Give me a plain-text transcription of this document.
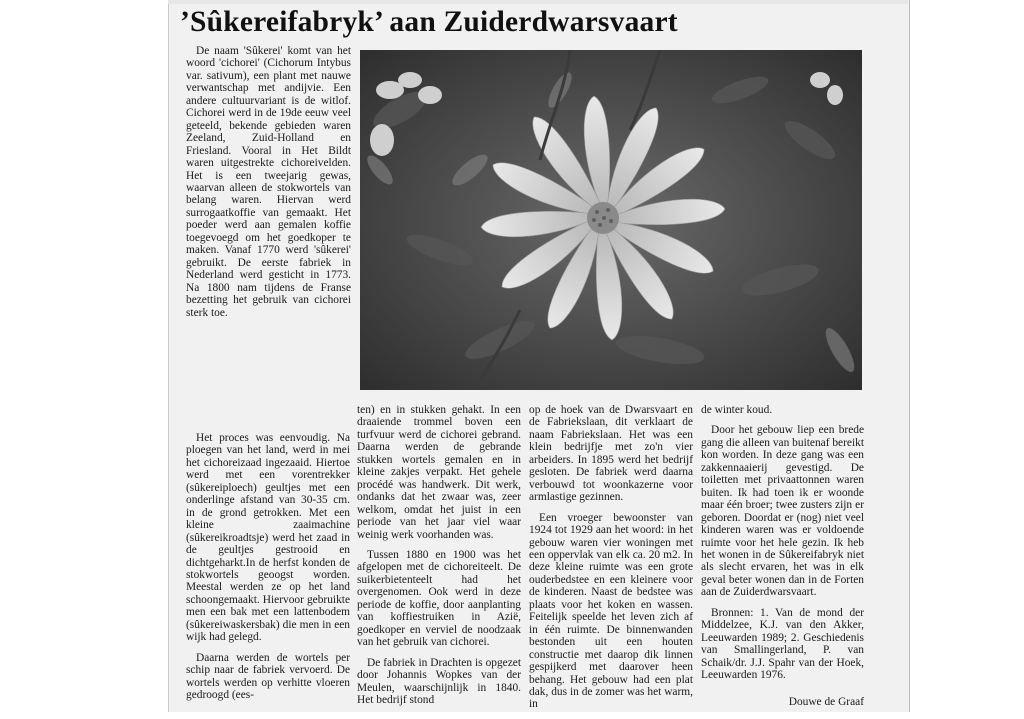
’Sûkereifabryk’ aan Zuiderdwarsvaart

De naam 'Sûkerei' komt van het woord 'cichorei' (Cichorum Intybus var. sativum), een plant met nauwe verwantschap met andijvie. Een andere cultuurvariant is de witlof. Cichorei werd in de 19de eeuw veel geteeld, bekende gebieden waren Zeeland, Zuid-Holland en Friesland. Vooral in Het Bildt waren uitgestrekte cichoreivelden. Het is een tweejarig gewas, waarvan alleen de stokwortels van belang waren. Hiervan werd surrogaatkoffie van gemaakt. Het poeder werd aan gemalen koffie toegevoegd om het goedkoper te maken. Vanaf 1770 werd 'sûkerei' gebruikt. De eerste fabriek in Nederland werd gesticht in 1773. Na 1800 nam tijdens de Franse bezetting het gebruik van cichorei sterk toe.

Het proces was eenvoudig. Na ploegen van het land, werd in mei het cichoreizaad ingezaaid. Hiertoe werd met een vorentrekker (sûkereiploech) geultjes met een onderlinge afstand van 30-35 cm. in de grond getrokken. Met een kleine zaaimachine (sûkereikroadtsje) werd het zaad in de geultjes gestrooid en dichtgeharkt.In de herfst konden de stokwortels geoogst worden. Meestal werden ze op het land schoongemaakt. Hiervoor gebruikte men een bak met een lattenbodem (sûkereiwaskersbak) die men in een wijk had gelegd.

Daarna werden de wortels per schip naar de fabriek vervoerd. De wortels werden op verhitte vloeren gedroogd (ees-

ten) en in stukken gehakt. In een draaiende trommel boven een turfvuur werd de cichorei gebrand. Daarna werden de gebrande stukken wortels gemalen en in kleine zakjes verpakt. Het gehele procédé was handwerk. Dit werk, ondanks dat het zwaar was, zeer welkom, omdat het juist in een periode van het jaar viel waar weinig werk voorhanden was.

Tussen 1880 en 1900 was het afgelopen met de cichoreiteelt. De suikerbietenteelt had het overgenomen. Ook werd in deze periode de koffie, door aanplanting van koffiestruiken in Azië, goedkoper en verviel de noodzaak van het gebruik van cichorei.

De fabriek in Drachten is opgezet door Johannis Wopkes van der Meulen, waarschijnlijk in 1840. Het bedrijf stond

op de hoek van de Dwarsvaart en de Fabriekslaan, dit verklaart de naam Fabriekslaan. Het was een klein bedrijfje met zo'n vier arbeiders. In 1895 werd het bedrijf gesloten. De fabriek werd daarna verbouwd tot woonkazerne voor armlastige gezinnen.

Een vroeger bewoonster van 1924 tot 1929 aan het woord: in het gebouw waren vier woningen met een oppervlak van elk ca. 20 m2. In deze kleine ruimte was een grote ouderbedstee en een kleinere voor de kinderen. Naast de bedstee was plaats voor het koken en wassen. Feitelijk speelde het leven zich af in één ruimte. De binnenwanden bestonden uit een houten constructie met daarop dik linnen gespijkerd met daarover heen behang. Het gebouw had een plat dak, dus in de zomer was het warm, in

de winter koud.

Door het gebouw liep een brede gang die alleen van buitenaf bereikt kon worden. In deze gang was een zakkennaaierij gevestigd. De toiletten met privaattonnen waren buiten. Ik had toen ik er woonde maar één broer; twee zusters zijn er geboren. Doordat er (nog) niet veel kinderen waren was er voldoende ruimte voor het hele gezin. Ik heb het wonen in de Sûkereifabryk niet als slecht ervaren, het was in elk geval beter wonen dan in de Forten aan de Zuiderdwarsvaart.

Bronnen: 1. Van de mond der Middelzee, K.J. van den Akker, Leeuwarden 1989; 2. Geschiedenis van Smallingerland, P. van Schaik/dr. J.J. Spahr van der Hoek, Leeuwarden 1976.

Douwe de Graaf
